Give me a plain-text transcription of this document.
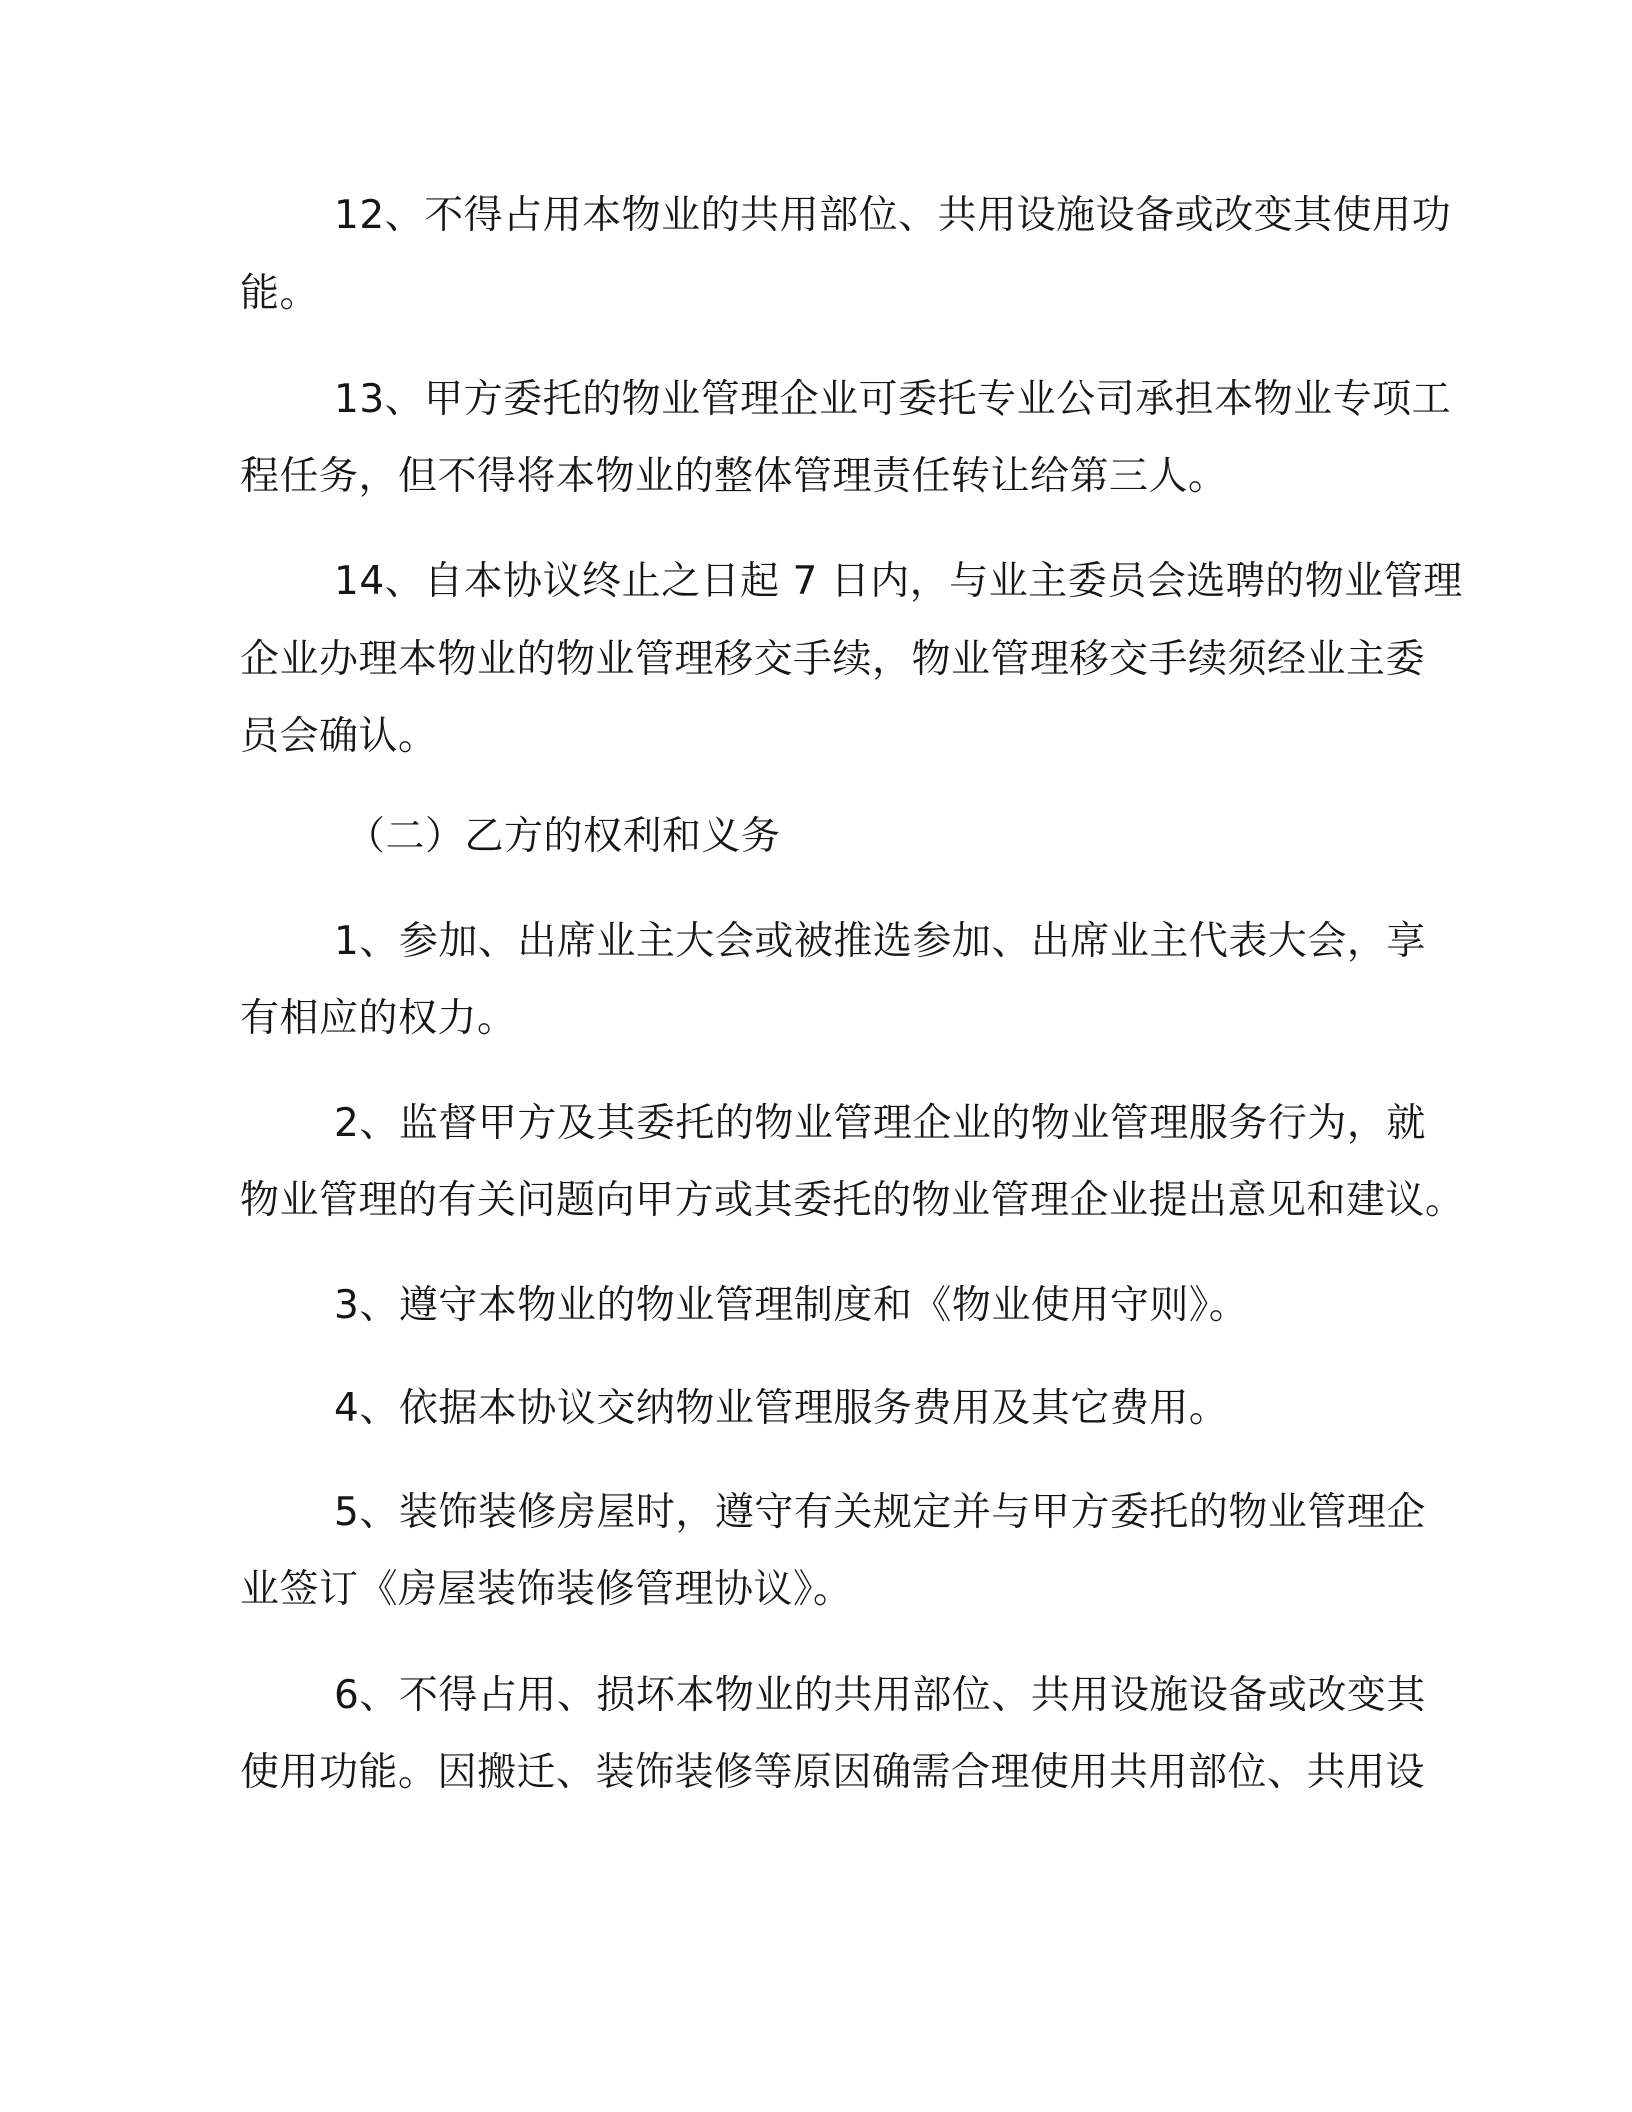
12、不得占用本物业的共用部位、共用设施设备或改变其使用功
能。
13、甲方委托的物业管理企业可委托专业公司承担本物业专项工
程任务，但不得将本物业的整体管理责任转让给第三人。
14、自本协议终止之日起 7 日内，与业主委员会选聘的物业管理
企业办理本物业的物业管理移交手续，物业管理移交手续须经业主委
员会确认。
（二）乙方的权利和义务
1、参加、出席业主大会或被推选参加、出席业主代表大会，享
有相应的权力。
2、监督甲方及其委托的物业管理企业的物业管理服务行为，就
物业管理的有关问题向甲方或其委托的物业管理企业提出意见和建议。
3、遵守本物业的物业管理制度和《物业使用守则》。
4、依据本协议交纳物业管理服务费用及其它费用。
5、装饰装修房屋时，遵守有关规定并与甲方委托的物业管理企
业签订《房屋装饰装修管理协议》。
6、不得占用、损坏本物业的共用部位、共用设施设备或改变其
使用功能。因搬迁、装饰装修等原因确需合理使用共用部位、共用设
